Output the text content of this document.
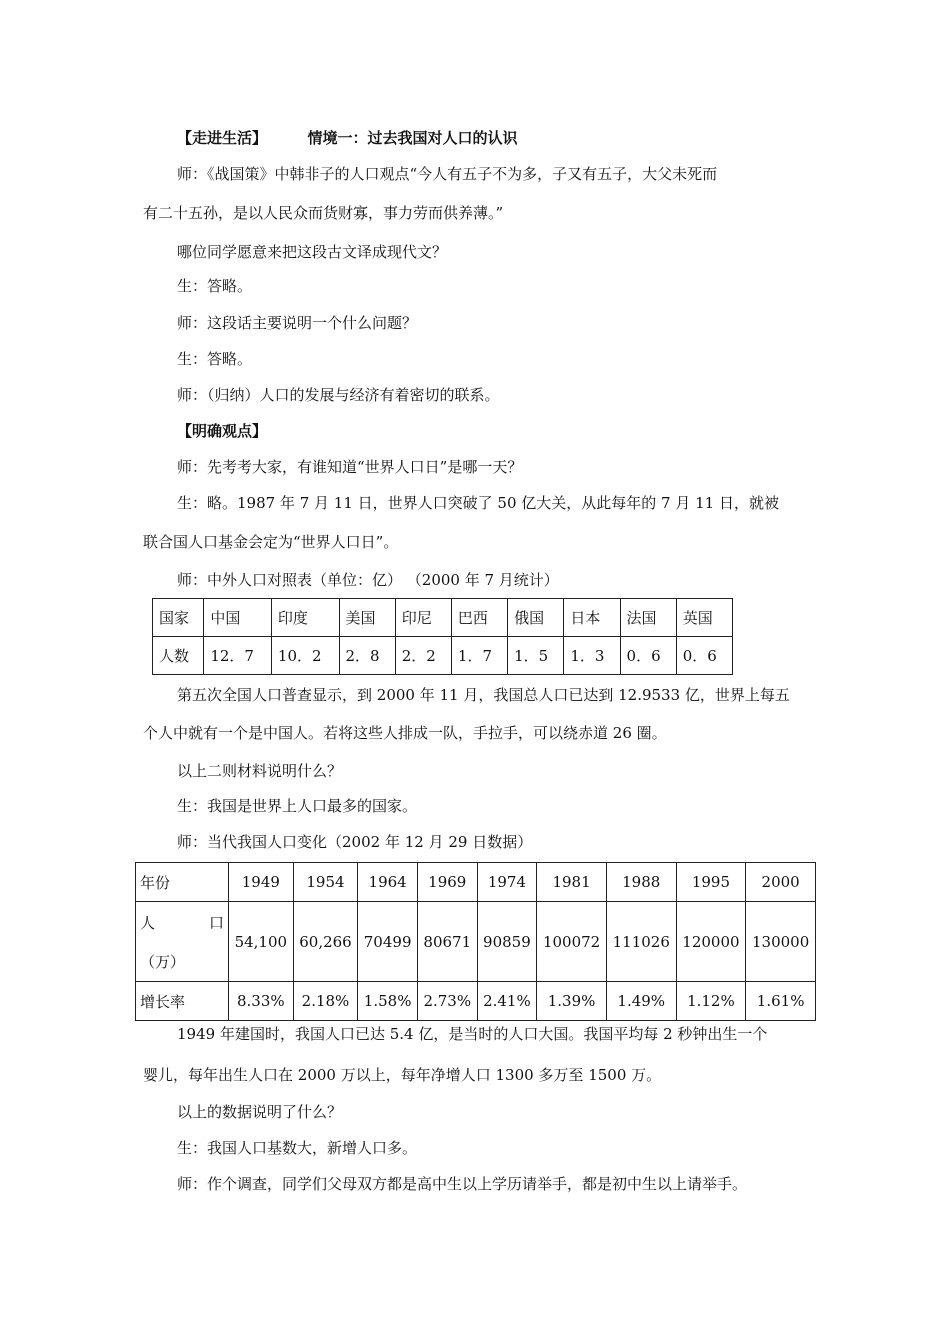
【走进生活】	情境一：过去我国对人口的认识
师：《战国策》中韩非子的人口观点“今人有五子不为多，子又有五子，大父未死而
有二十五孙，是以人民众而货财寡，事力劳而供养薄。”
哪位同学愿意来把这段古文译成现代文？
生：答略。
师：这段话主要说明一个什么问题？
生：答略。
师：（归纳）人口的发展与经济有着密切的联系。
【明确观点】
师：先考考大家，有谁知道“世界人口日”是哪一天？
生：略。1987 年 7 月 11 日，世界人口突破了 50 亿大关，从此每年的 7 月 11 日，就被
联合国人口基金会定为“世界人口日”。
师：中外人口对照表（单位：亿） （2000 年 7 月统计）
国家	中国	印度	美国	印尼	巴西	俄国	日本	法国	英国
人数	12．7	10．2	2．8	2．2	1．7	1．5	1．3	0．6	0．6
第五次全国人口普查显示，到 2000 年 11 月，我国总人口已达到 12.9533 亿，世界上每五
个人中就有一个是中国人。若将这些人排成一队，手拉手，可以绕赤道 26 圈。
以上二则材料说明什么？
生：我国是世界上人口最多的国家。
师：当代我国人口变化（2002 年 12 月 29 日数据）
年份	1949	1954	1964	1969	1974	1981	1988	1995	2000

人 口
（万）	54,100	60,266	70499	80671	90859	100072	111026	120000	130000
增长率	8.33%	2.18%	1.58%	2.73%	2.41%	1.39%	1.49%	1.12%	1.61%
1949 年建国时，我国人口已达 5.4 亿，是当时的人口大国。我国平均每 2 秒钟出生一个
婴儿，每年出生人口在 2000 万以上，每年净增人口 1300 多万至 1500 万。
以上的数据说明了什么？
生：我国人口基数大，新增人口多。
师：作个调查，同学们父母双方都是高中生以上学历请举手，都是初中生以上请举手。
